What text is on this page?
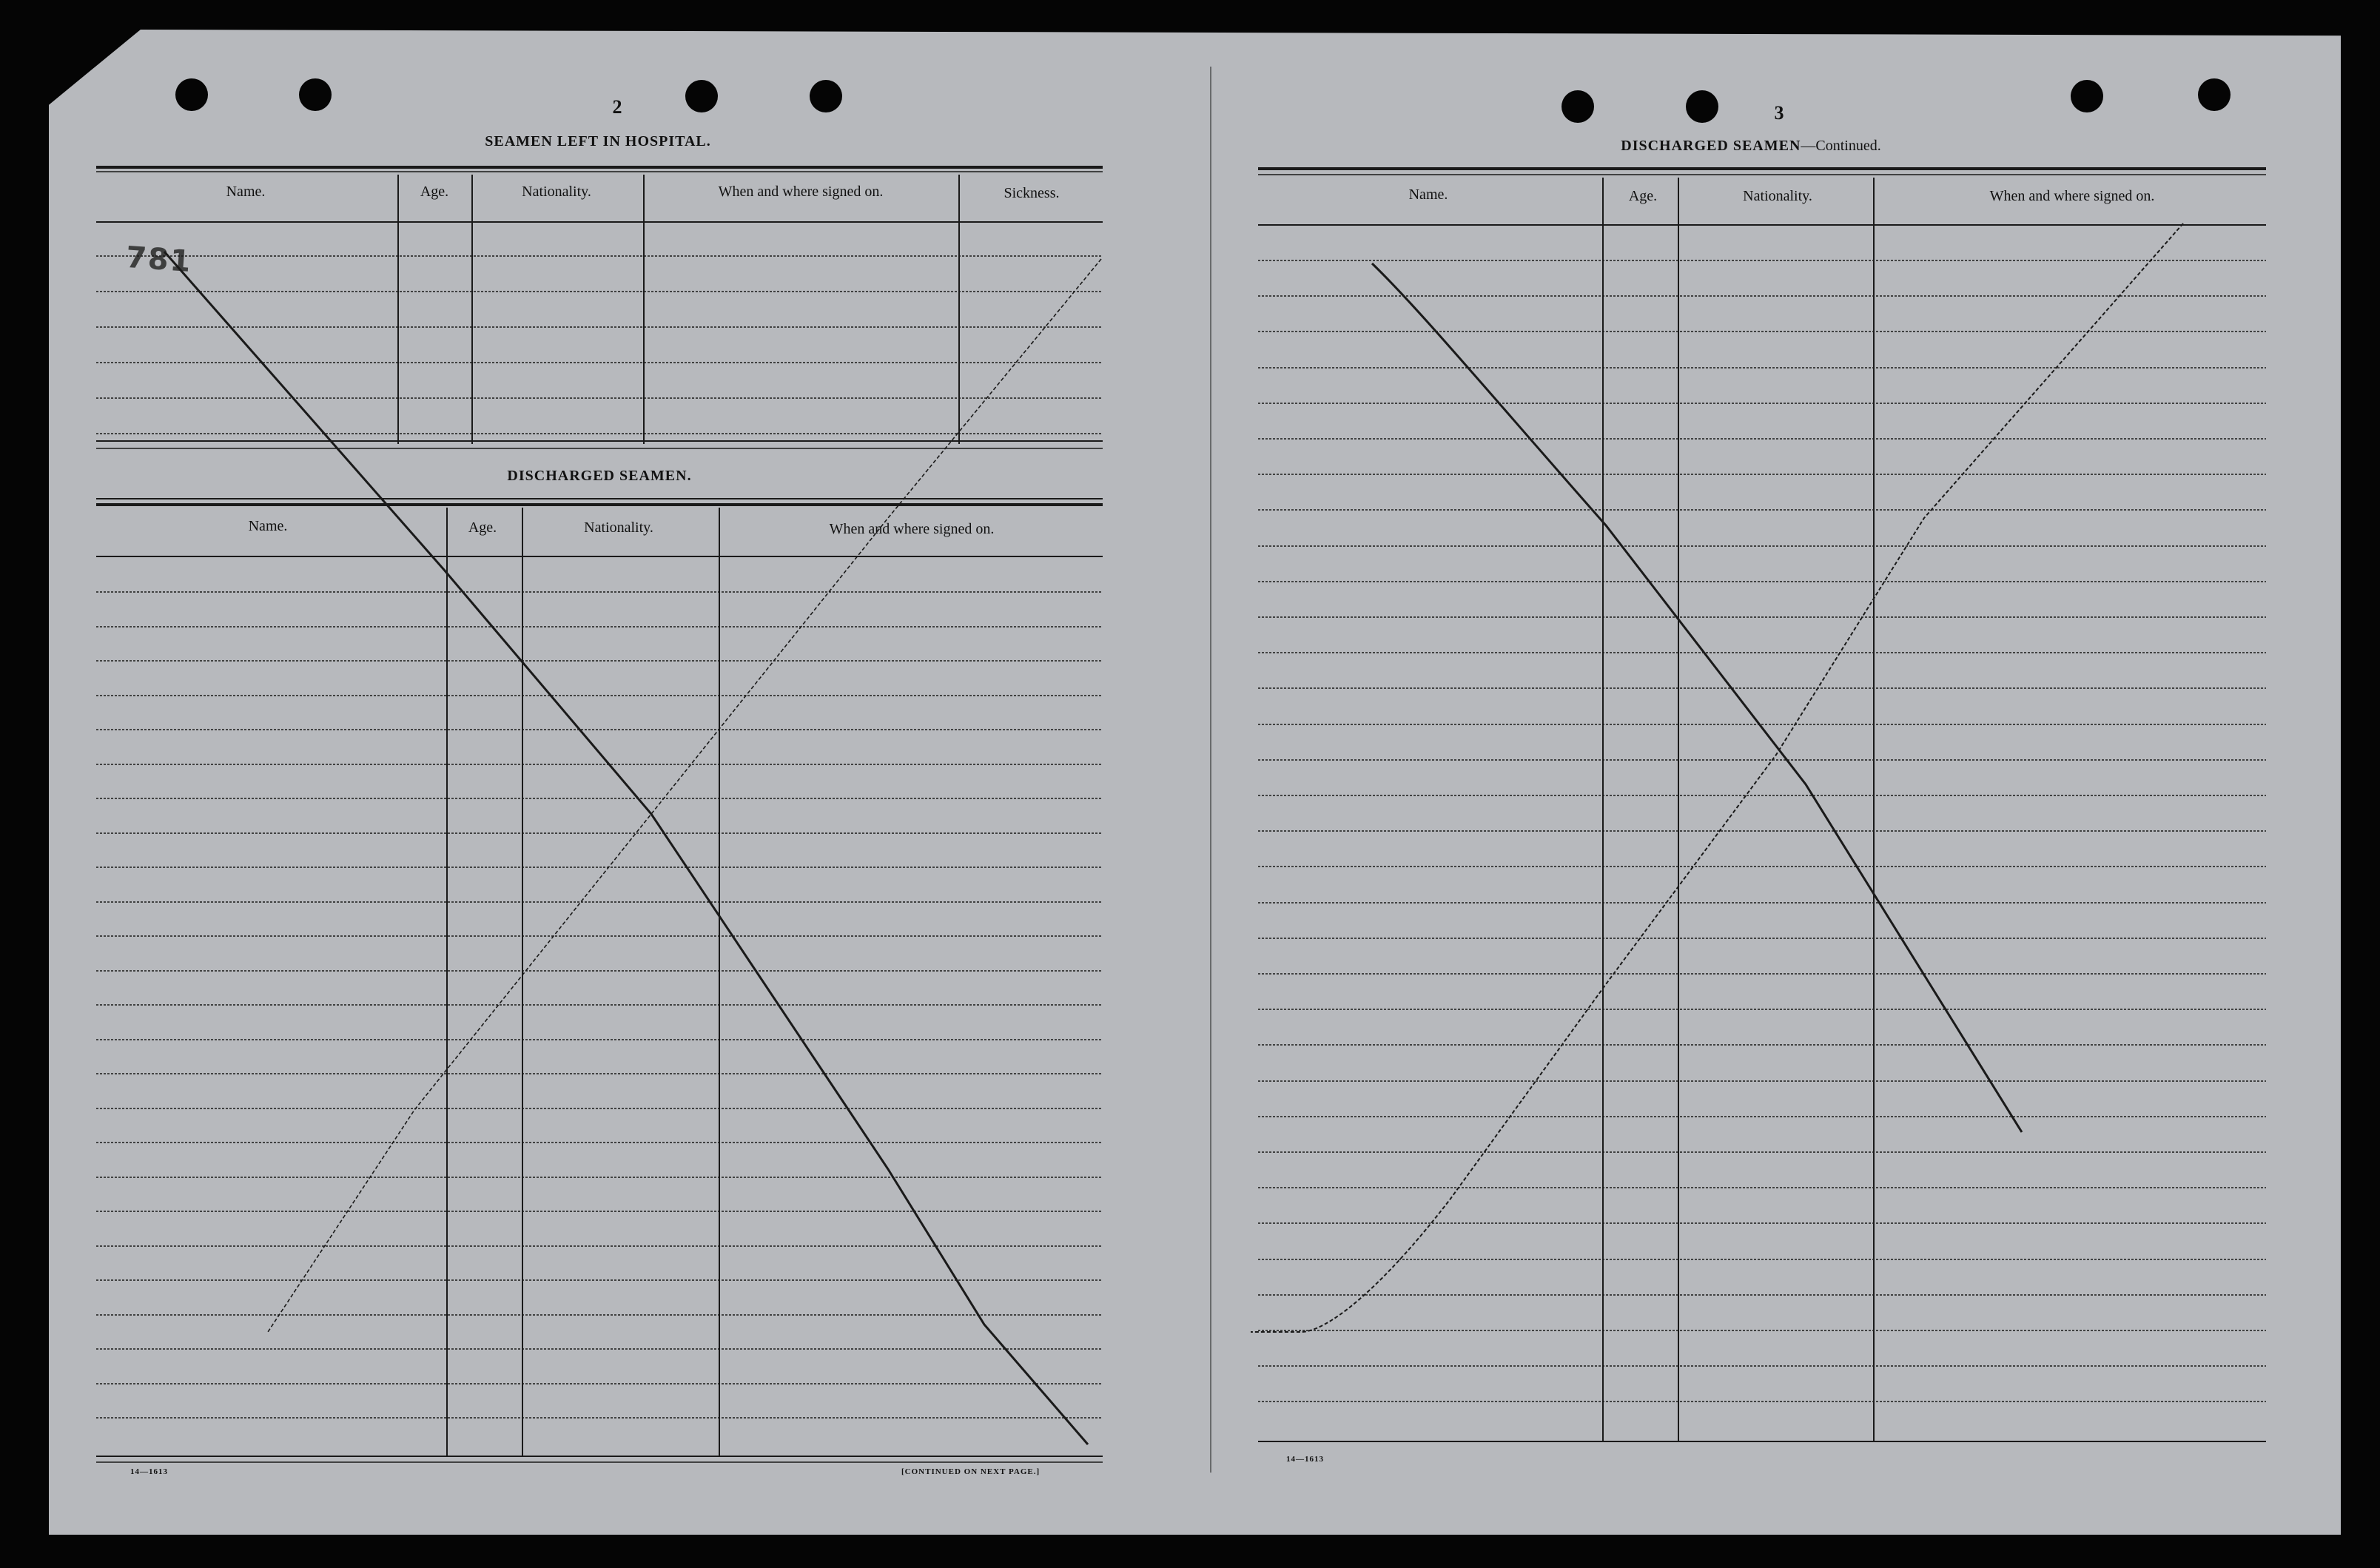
2
SEAMEN LEFT IN HOSPITAL.
Name.	Age.	Nationality.	When and where signed on.	Sickness.
781
DISCHARGED SEAMEN.
Name.	Age.	Nationality.	When and where signed on.
14—1613	[CONTINUED ON NEXT PAGE.]
3
DISCHARGED SEAMEN—Continued.
Name.	Age.	Nationality.	When and where signed on.
14—1613
